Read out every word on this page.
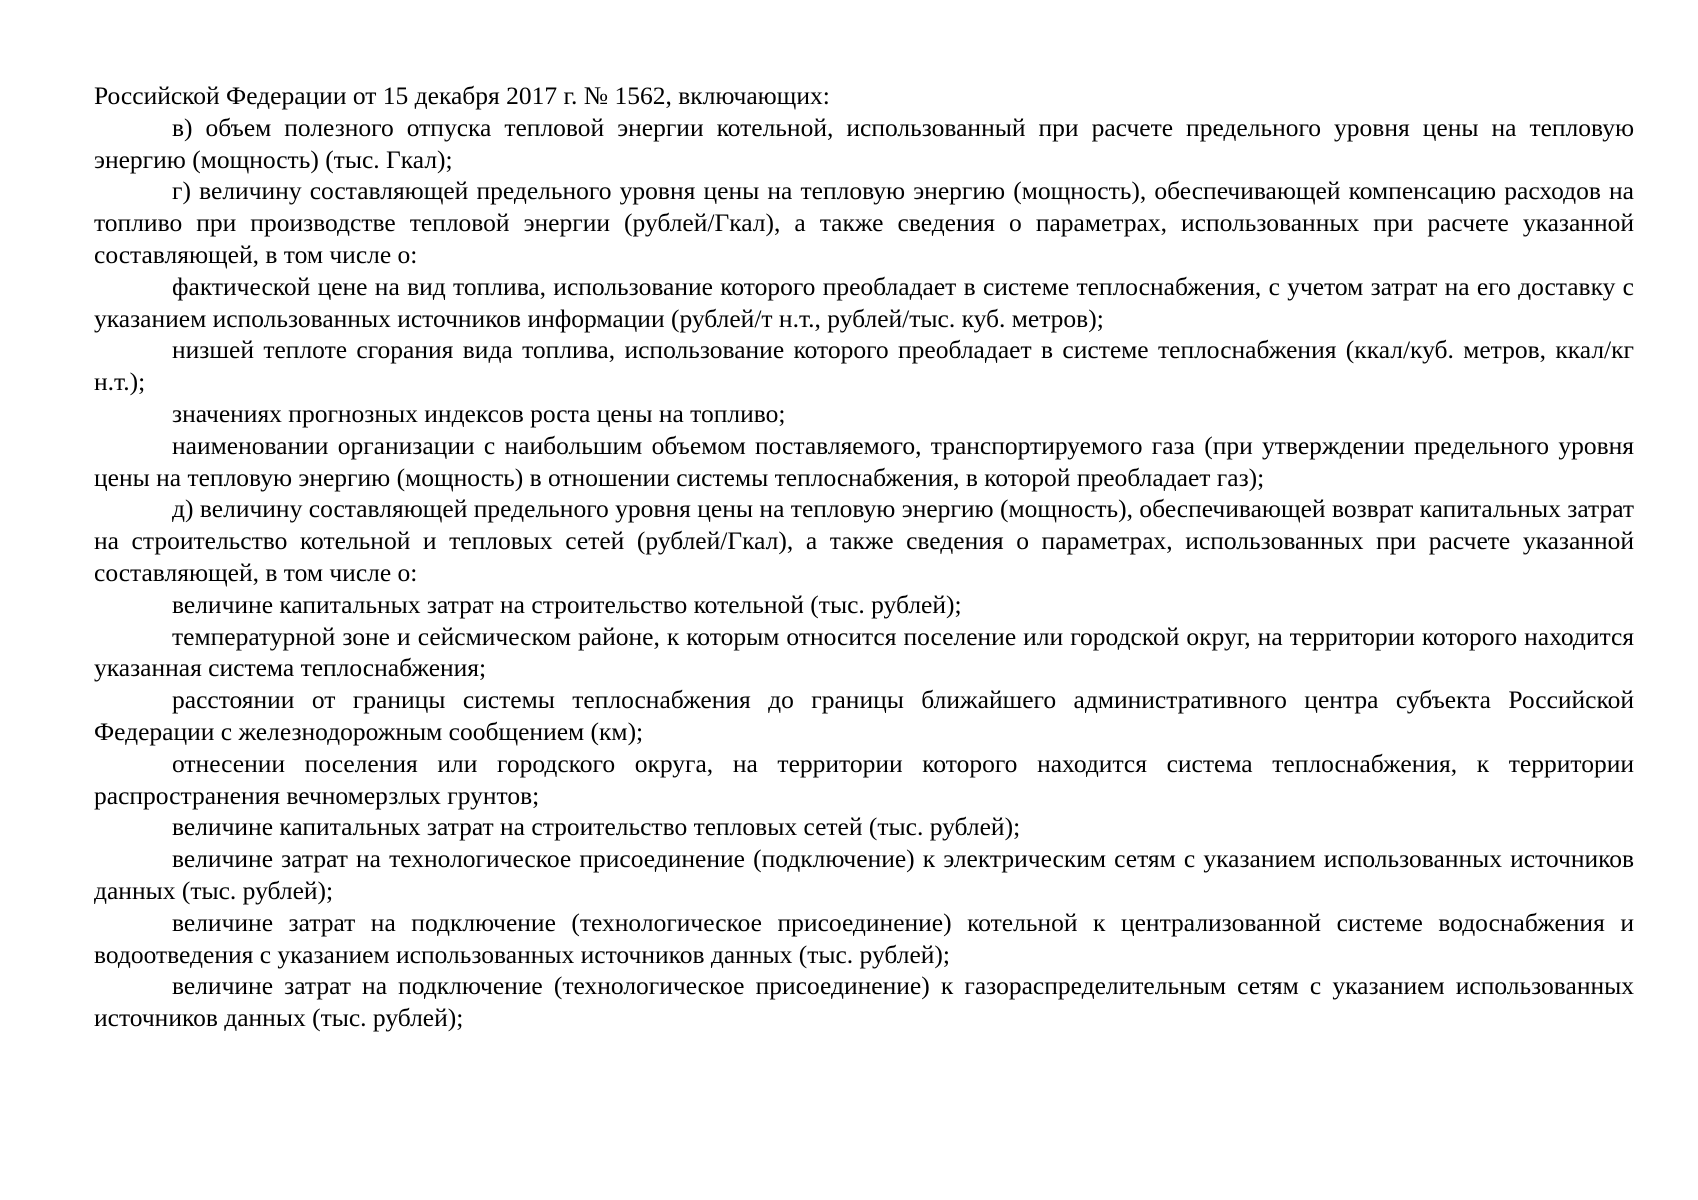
Российской Федерации от 15 декабря 2017 г. № 1562, включающих:

в) объем полезного отпуска тепловой энергии котельной, использованный при расчете предельного уровня цены на тепловую энергию (мощность) (тыс. Гкал);

г) величину составляющей предельного уровня цены на тепловую энергию (мощность), обеспечивающей компенсацию расходов на топливо при производстве тепловой энергии (рублей/Гкал), а также сведения о параметрах, использованных при расчете указанной составляющей, в том числе о:

фактической цене на вид топлива, использование которого преобладает в системе теплоснабжения, с учетом затрат на его доставку с указанием использованных источников информации (рублей/т н.т., рублей/тыс. куб. метров);

низшей теплоте сгорания вида топлива, использование которого преобладает в системе теплоснабжения (ккал/куб. метров, ккал/кг н.т.);

значениях прогнозных индексов роста цены на топливо;

наименовании организации с наибольшим объемом поставляемого, транспортируемого газа (при утверждении предельного уровня цены на тепловую энергию (мощность) в отношении системы теплоснабжения, в которой преобладает газ);

д) величину составляющей предельного уровня цены на тепловую энергию (мощность), обеспечивающей возврат капитальных затрат на строительство котельной и тепловых сетей (рублей/Гкал), а также сведения о параметрах, использованных при расчете указанной составляющей, в том числе о:

величине капитальных затрат на строительство котельной (тыс. рублей);

температурной зоне и сейсмическом районе, к которым относится поселение или городской округ, на территории которого находится указанная система теплоснабжения;

расстоянии от границы системы теплоснабжения до границы ближайшего административного центра субъекта Российской Федерации с железнодорожным сообщением (км);

отнесении поселения или городского округа, на территории которого находится система теплоснабжения, к территории распространения вечномерзлых грунтов;

величине капитальных затрат на строительство тепловых сетей (тыс. рублей);

величине затрат на технологическое присоединение (подключение) к электрическим сетям с указанием использованных источников данных (тыс. рублей);

величине затрат на подключение (технологическое присоединение) котельной к централизованной системе водоснабжения и водоотведения с указанием использованных источников данных (тыс. рублей);

величине затрат на подключение (технологическое присоединение) к газораспределительным сетям с указанием использованных источников данных (тыс. рублей);
